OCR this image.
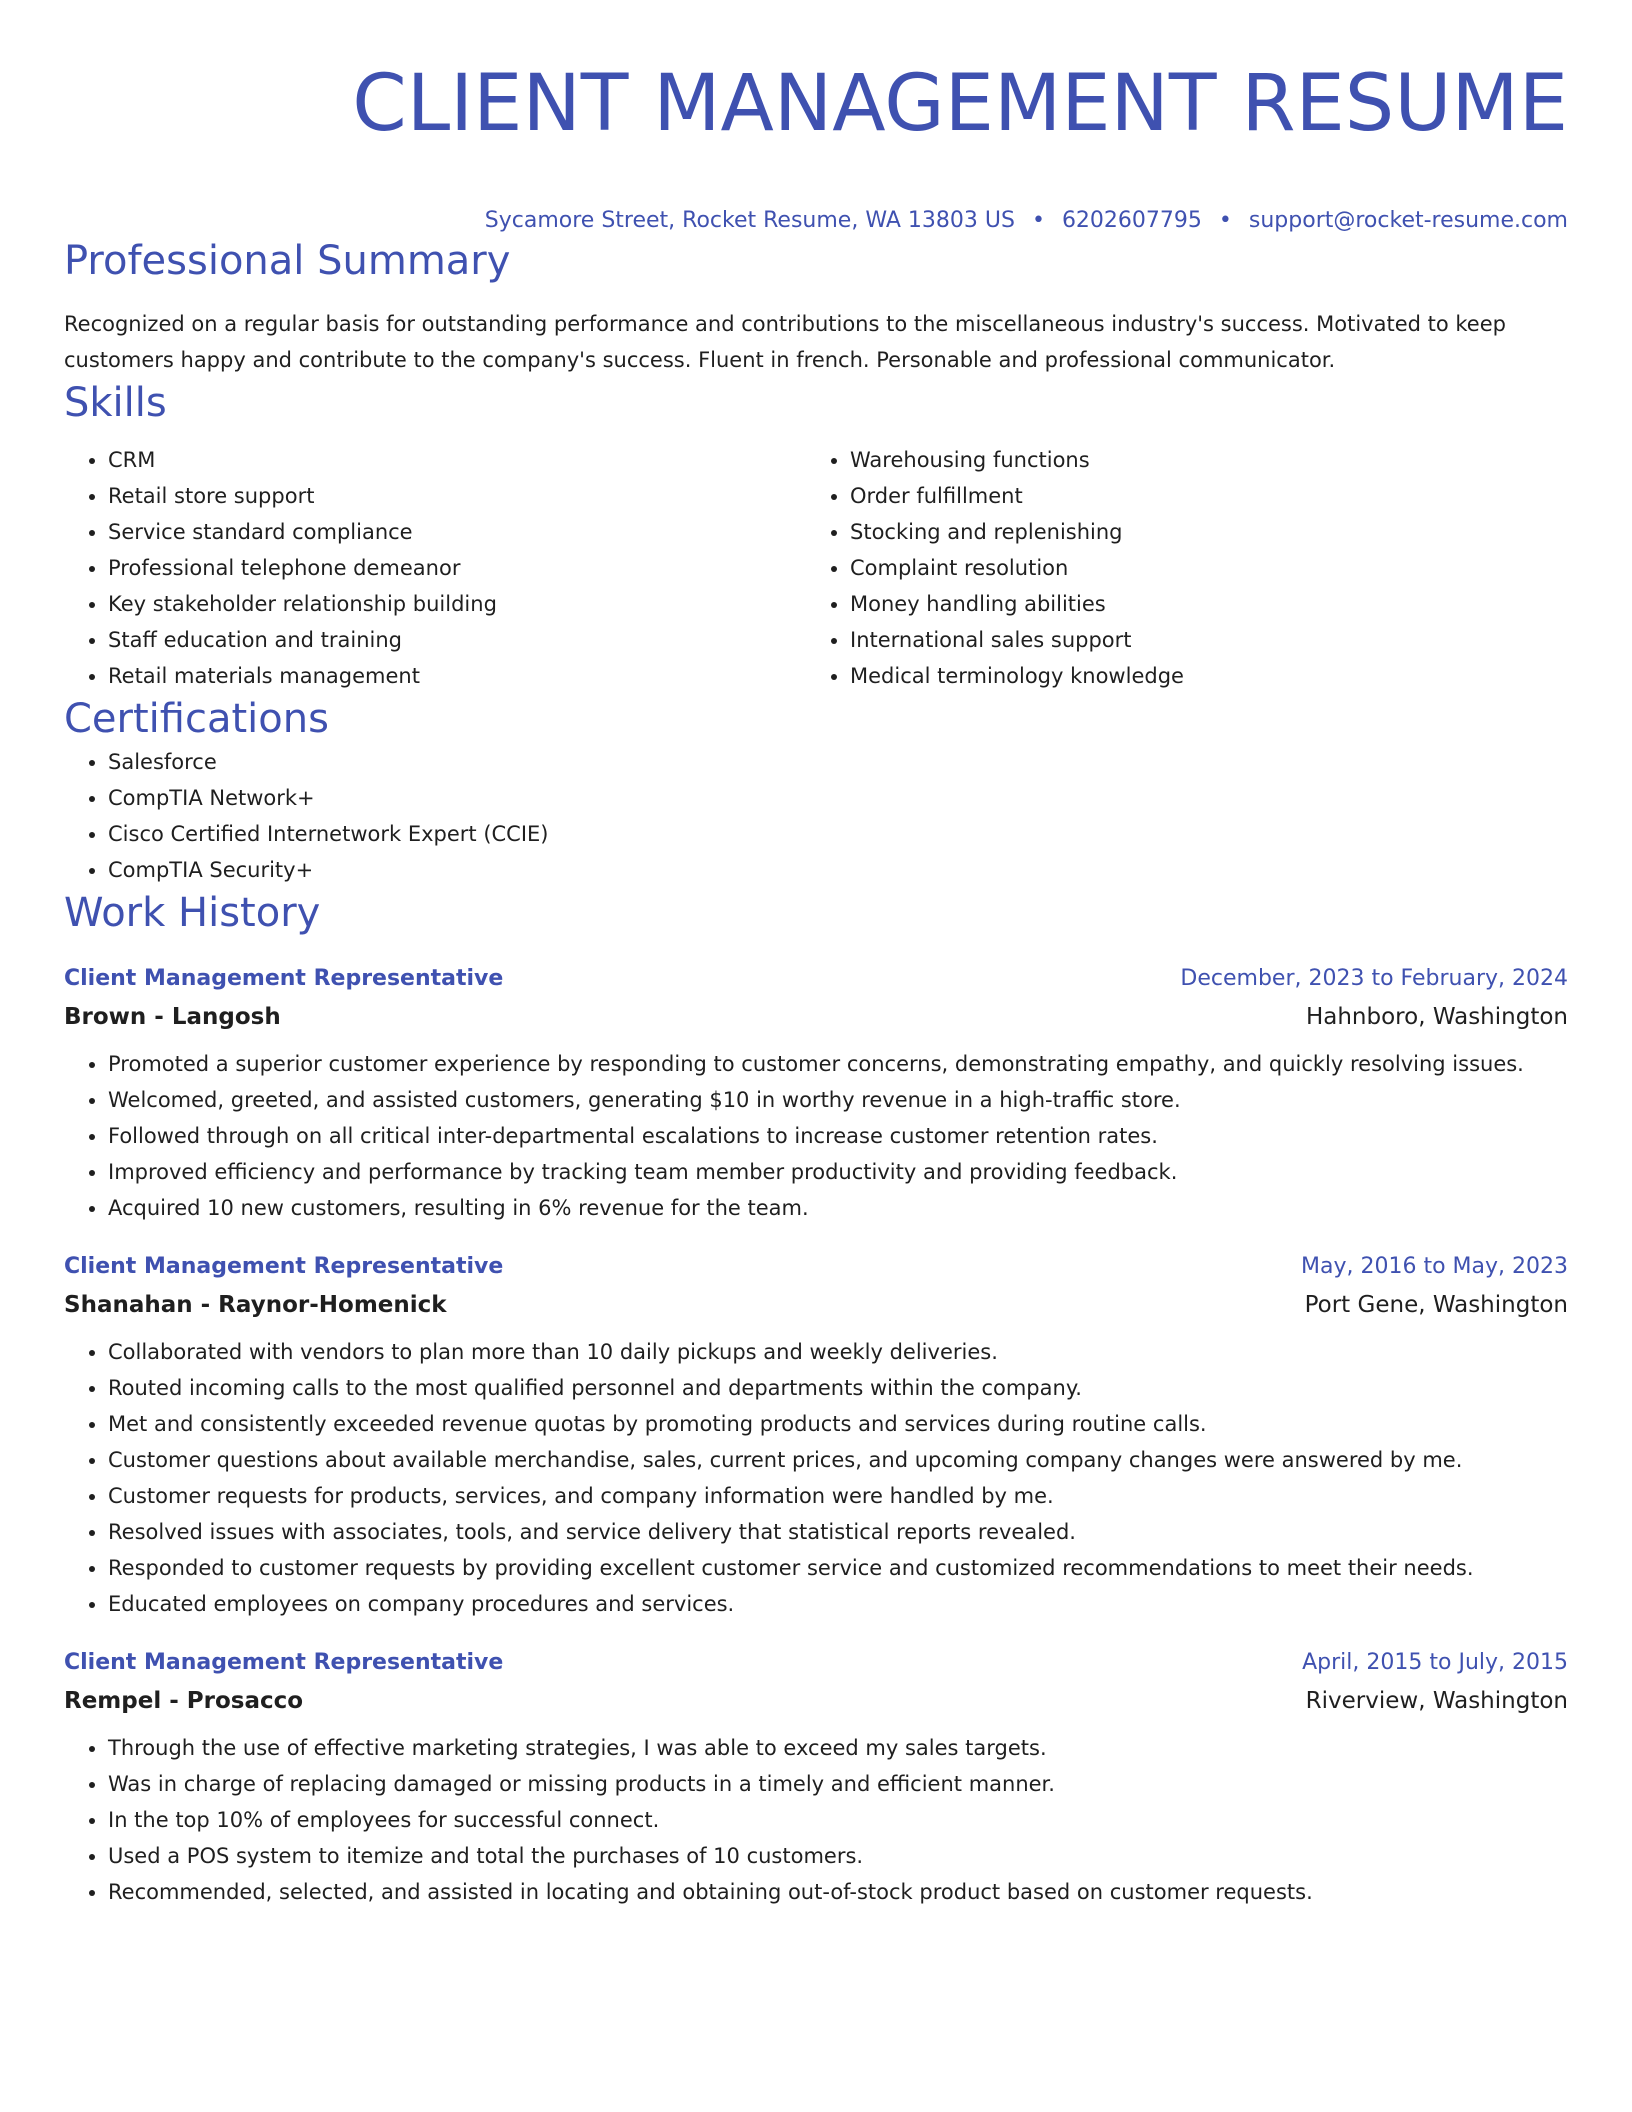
CLIENT MANAGEMENT RESUME
Sycamore Street, Rocket Resume, WA 13803 US • 6202607795 • support@rocket-resume.com
Professional Summary

Recognized on a regular basis for outstanding performance and contributions to the miscellaneous industry's success. Motivated to keep customers happy and contribute to the company's success. Fluent in french. Personable and professional communicator.

Skills
• CRM
• Retail store support
• Service standard compliance
• Professional telephone demeanor
• Key stakeholder relationship building
• Staff education and training
• Retail materials management
• Warehousing functions
• Order fulfillment
• Stocking and replenishing
• Complaint resolution
• Money handling abilities
• International sales support
• Medical terminology knowledge
Certifications
• Salesforce
• CompTIA Network+
• Cisco Certified Internetwork Expert (CCIE)
• CompTIA Security+
Work History
Client Management Representative	December, 2023 to February, 2024
Brown - Langosh	Hahnboro, Washington
• Promoted a superior customer experience by responding to customer concerns, demonstrating empathy, and quickly resolving issues.
• Welcomed, greeted, and assisted customers, generating $10 in worthy revenue in a high-traffic store.
• Followed through on all critical inter-departmental escalations to increase customer retention rates.
• Improved efficiency and performance by tracking team member productivity and providing feedback.
• Acquired 10 new customers, resulting in 6% revenue for the team.
Client Management Representative	May, 2016 to May, 2023
Shanahan - Raynor-Homenick	Port Gene, Washington
• Collaborated with vendors to plan more than 10 daily pickups and weekly deliveries.
• Routed incoming calls to the most qualified personnel and departments within the company.
• Met and consistently exceeded revenue quotas by promoting products and services during routine calls.
• Customer questions about available merchandise, sales, current prices, and upcoming company changes were answered by me.
• Customer requests for products, services, and company information were handled by me.
• Resolved issues with associates, tools, and service delivery that statistical reports revealed.
• Responded to customer requests by providing excellent customer service and customized recommendations to meet their needs.
• Educated employees on company procedures and services.
Client Management Representative	April, 2015 to July, 2015
Rempel - Prosacco	Riverview, Washington
• Through the use of effective marketing strategies, I was able to exceed my sales targets.
• Was in charge of replacing damaged or missing products in a timely and efficient manner.
• In the top 10% of employees for successful connect.
• Used a POS system to itemize and total the purchases of 10 customers.
• Recommended, selected, and assisted in locating and obtaining out-of-stock product based on customer requests.
